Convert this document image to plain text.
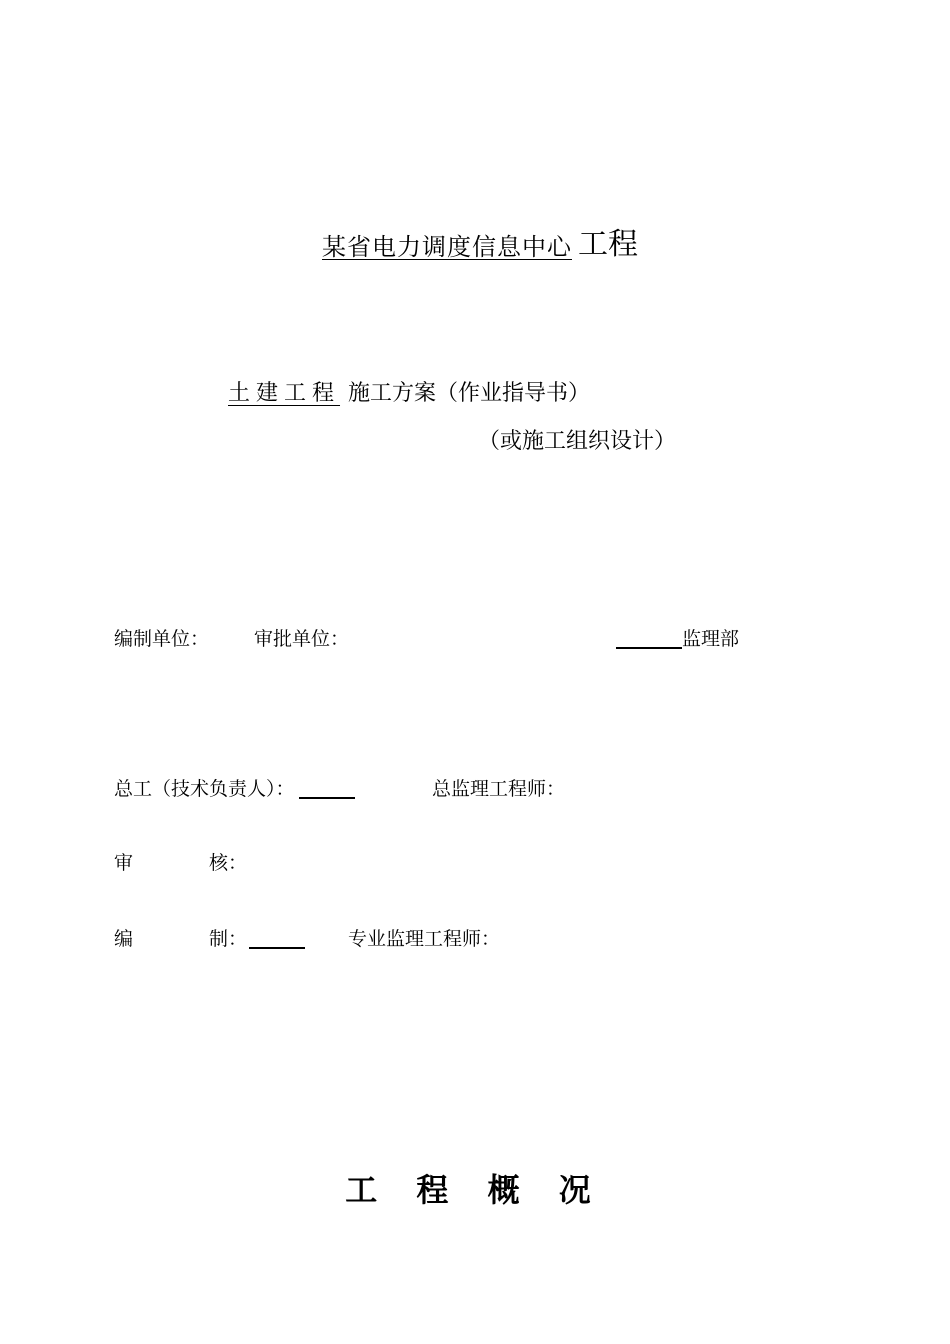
某省电力调度信息中心 工程
土建工程 施工方案（作业指导书）
（或施工组织设计）
编制单位： 审批单位：	监理部
总工（技术负责人）：	总监理工程师：
审	核：
编	制：	专业监理工程师：
工 程 概 况
